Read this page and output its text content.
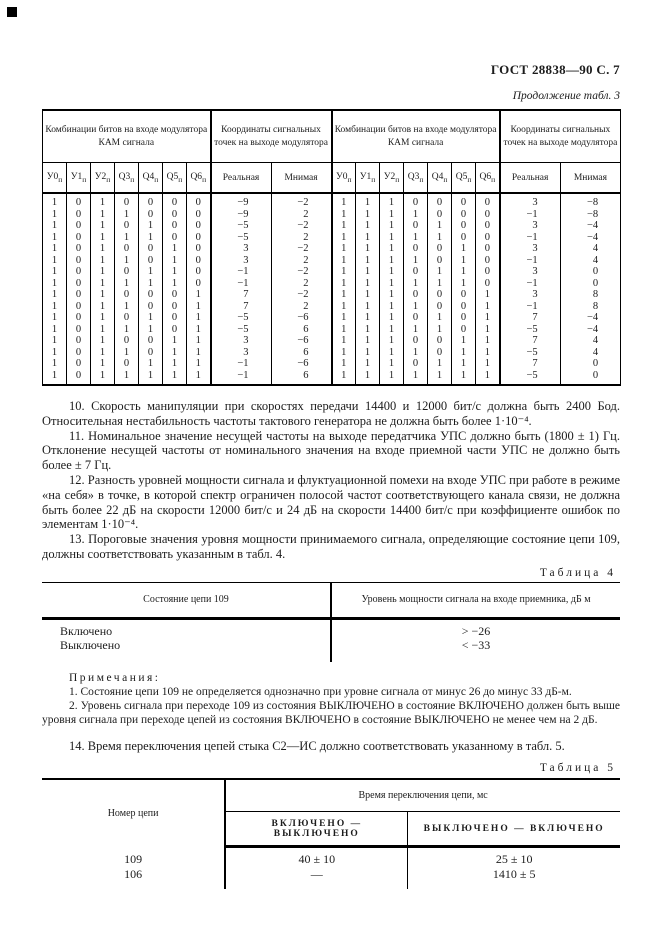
ГОСТ 28838—90 С. 7
Продолжение табл. 3
Комбинации битов на входе модулятора КАМ сигнала							Координаты сигнальных точек на выходе модулятора		Комбинации битов на входе модулятора КАМ сигнала							Координаты сигнальных точек на выходе модулятора	
$У0_п$	$У1_п$	$У2_п$	$Q3_п$	$Q4_п$	$Q5_п$	$Q6_п$	Реальная	Мнимая	$У0_п$	$У1_п$	$У2_п$	$Q3_п$	$Q4_п$	$Q5_п$	$Q6_п$	Реальная	Мнимая
1	0	1	0	0	0	0	−9	−2	1	1	1	0	0	0	0	3	−8
1	0	1	1	0	0	0	−9	2	1	1	1	1	0	0	0	−1	−8
1	0	1	0	1	0	0	−5	−2	1	1	1	0	1	0	0	3	−4
1	0	1	1	1	0	0	−5	2	1	1	1	1	1	0	0	−1	−4
1	0	1	0	0	1	0	3	−2	1	1	1	0	0	1	0	3	4
1	0	1	1	0	1	0	3	2	1	1	1	1	0	1	0	−1	4
1	0	1	0	1	1	0	−1	−2	1	1	1	0	1	1	0	3	0
1	0	1	1	1	1	0	−1	2	1	1	1	1	1	1	0	−1	0
1	0	1	0	0	0	1	7	−2	1	1	1	0	0	0	1	3	8
1	0	1	1	0	0	1	7	2	1	1	1	1	0	0	1	−1	8
1	0	1	0	1	0	1	−5	−6	1	1	1	0	1	0	1	7	−4
1	0	1	1	1	0	1	−5	6	1	1	1	1	1	0	1	−5	−4
1	0	1	0	0	1	1	3	−6	1	1	1	0	0	1	1	7	4
1	0	1	1	0	1	1	3	6	1	1	1	1	0	1	1	−5	4
1	0	1	0	1	1	1	−1	−6	1	1	1	0	1	1	1	7	0
1	0	1	1	1	1	1	−1	6	1	1	1	1	1	1	1	−5	0

10. Скорость манипуляции при скоростях передачи 14400 и 12000 бит/с должна быть 2400 Бод. Относительная нестабильность частоты тактового генератора не должна быть более 1·10⁻⁴.

11. Номинальное значение несущей частоты на выходе передатчика УПС должно быть (1800 ± 1) Гц. Отклонение несущей частоты от номинального значения на входе приемной части УПС не должно быть более ± 7 Гц.

12. Разность уровней мощности сигнала и флуктуационной помехи на входе УПС при работе в режиме «на себя» в точке, в которой спектр ограничен полосой частот соответствующего канала связи, не должна быть более 22 дБ на скорости 12000 бит/с и 24 дБ на скорости 14400 бит/с при коэффициенте ошибок по элементам 1·10⁻⁴.

13. Пороговые значения уровня мощности принимаемого сигнала, определяющие состояние цепи 109, должны соответствовать указанным в табл. 4.

Таблица 4
Состояние цепи 109	Уровень мощности сигнала на входе приемника, дБ м
Включено	> −26
Выключено	< −33

Примечания:

1. Состояние цепи 109 не определяется однозначно при уровне сигнала от минус 26 до минус 33 дБ-м.

2. Уровень сигнала при переходе 109 из состояния ВЫКЛЮЧЕНО в состояние ВКЛЮЧЕНО должен быть выше уровня сигнала при переходе цепей из состояния ВКЛЮЧЕНО в состояние ВЫКЛЮЧЕНО не менее чем на 2 дБ.

14. Время переключения цепей стыка С2—ИС должно соответствовать указанному в табл. 5.

Таблица 5
Номер цепи	Время переключения цепи, мс	
	ВКЛЮЧЕНО — ВЫКЛЮЧЕНО	ВЫКЛЮЧЕНО — ВКЛЮЧЕНО
109	40 ± 10	25 ± 10
106	—	1410 ± 5
